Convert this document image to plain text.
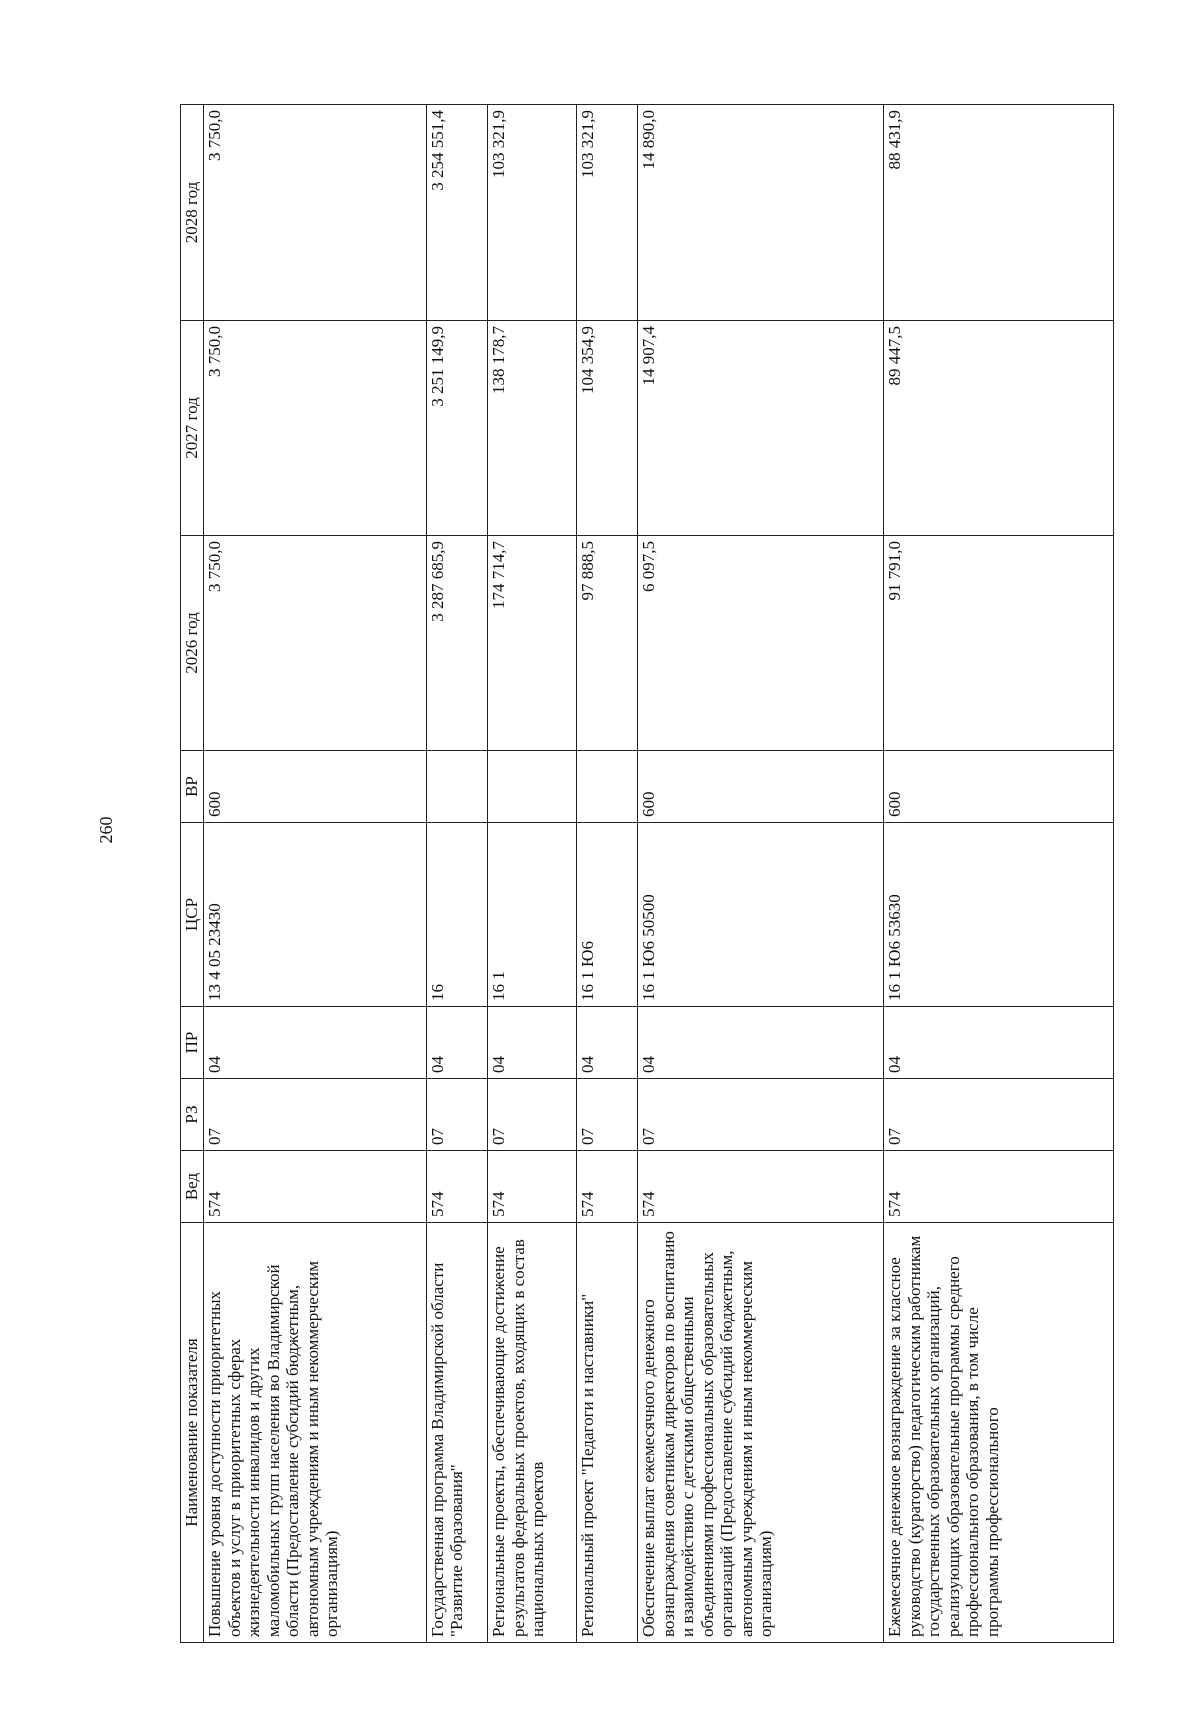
260
Наименование показателя	Вед	РЗ	ПР	ЦСР	ВР	2026 год	2027 год	2028 год
Повышение уровня доступности приоритетных объектов и услуг в приоритетных сферах жизнедеятельности инвалидов и других маломобильных групп населения во Владимирской области (Предоставление субсидий бюджетным, автономным учреждениям и иным некоммерческим организациям)	574	07	04	13 4 05 23430	600	3 750,0	3 750,0	3 750,0
Государственная программа Владимирской области "Развитие образования"	574	07	04	16		3 287 685,9	3 251 149,9	3 254 551,4
Региональные проекты, обеспечивающие достижение результатов федеральных проектов, входящих в состав национальных проектов	574	07	04	16 1		174 714,7	138 178,7	103 321,9
Региональный проект "Педагоги и наставники"	574	07	04	16 1 Ю6		97 888,5	104 354,9	103 321,9
Обеспечение выплат ежемесячного денежного вознаграждения советникам директоров по воспитанию и взаимодействию с детскими общественными объединениями профессиональных образовательных организаций (Предоставление субсидий бюджетным, автономным учреждениям и иным некоммерческим организациям)	574	07	04	16 1 Ю6 50500	600	6 097,5	14 907,4	14 890,0
Ежемесячное денежное вознаграждение за классное руководство (кураторство) педагогическим работникам государственных образовательных организаций, реализующих образовательные программы среднего профессионального образования, в том числе программы профессионального	574	07	04	16 1 Ю6 53630	600	91 791,0	89 447,5	88 431,9
